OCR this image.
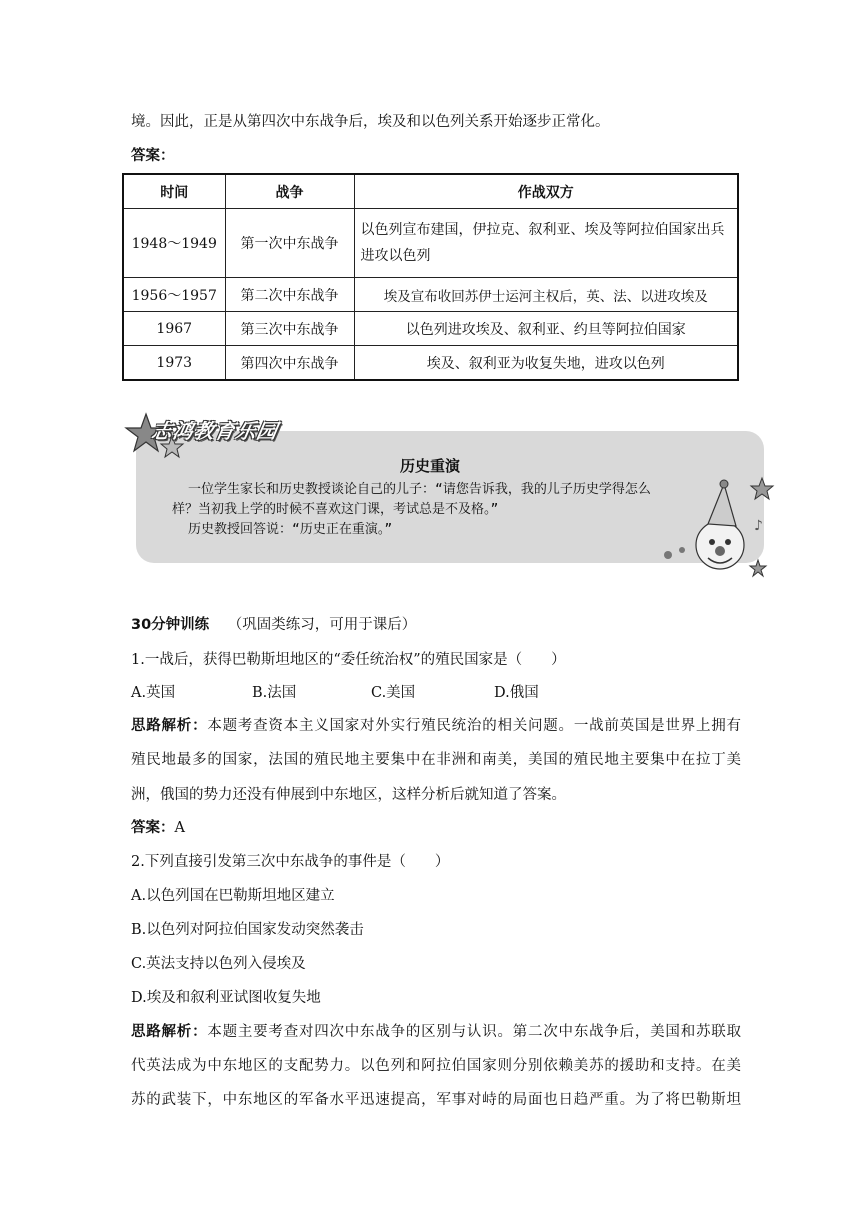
境。因此，正是从第四次中东战争后，埃及和以色列关系开始逐步正常化。

答案：

时间	战争	作战双方
1948～1949	第一次中东战争	以色列宣布建国，伊拉克、叙利亚、埃及等阿拉伯国家出兵进攻以色列
1956～1957	第二次中东战争	埃及宣布收回苏伊士运河主权后，英、法、以进攻埃及
1967	第三次中东战争	以色列进攻埃及、叙利亚、约旦等阿拉伯国家
1973	第四次中东战争	埃及、叙利亚为收复失地，进攻以色列
志鸿教育乐园
历史重演
一位学生家长和历史教授谈论自己的儿子：“请您告诉我，我的儿子历史学得怎么
样？当初我上学的时候不喜欢这门课，考试总是不及格。”
历史教授回答说：“历史正在重演。”	♪

30分钟训练 （巩固类练习，可用于课后）

1.一战后，获得巴勒斯坦地区的“委任统治权”的殖民国家是（　　）

A.英国	B.法国	C.美国	D.俄国

思路解析：本题考查资本主义国家对外实行殖民统治的相关问题。一战前英国是世界上拥有

殖民地最多的国家，法国的殖民地主要集中在非洲和南美，美国的殖民地主要集中在拉丁美

洲，俄国的势力还没有伸展到中东地区，这样分析后就知道了答案。

答案：A

2.下列直接引发第三次中东战争的事件是（　　）

A.以色列国在巴勒斯坦地区建立

B.以色列对阿拉伯国家发动突然袭击

C.英法支持以色列入侵埃及

D.埃及和叙利亚试图收复失地

思路解析：本题主要考查对四次中东战争的区别与认识。第二次中东战争后，美国和苏联取

代英法成为中东地区的支配势力。以色列和阿拉伯国家则分别依赖美苏的援助和支持。在美

苏的武装下，中东地区的军备水平迅速提高，军事对峙的局面也日趋严重。为了将巴勒斯坦
